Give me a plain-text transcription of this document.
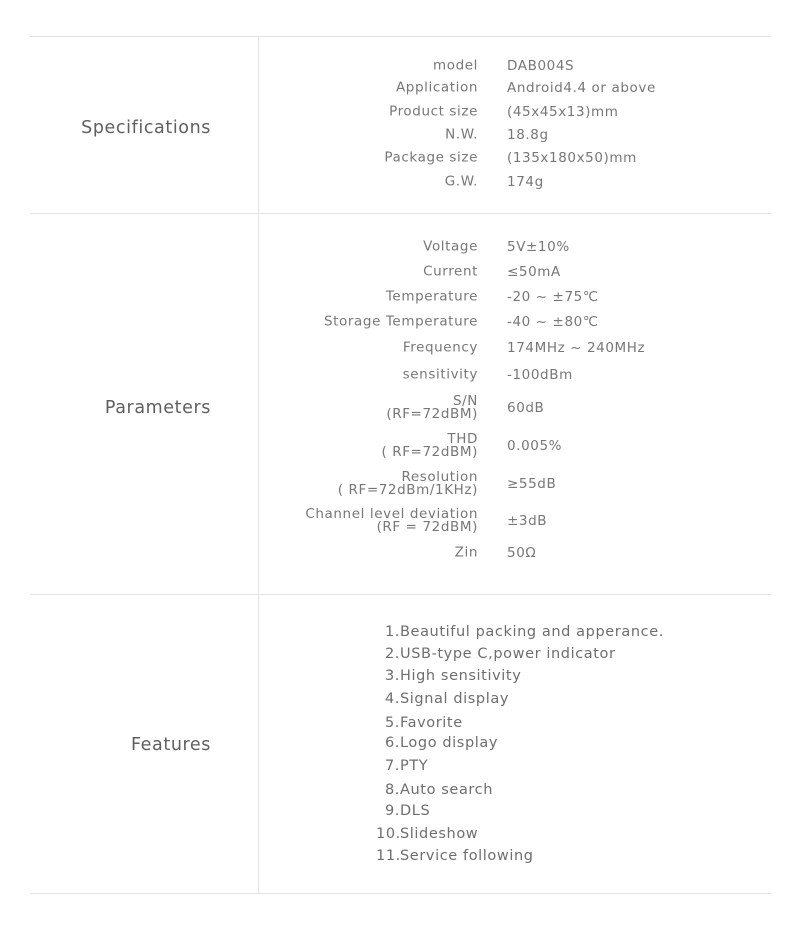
Specifications
model DAB004S
Application Android4.4 or above
Product size (45x45x13)mm
N.W. 18.8g
Package size (135x180x50)mm
G.W. 174g
Parameters
Voltage 5V±10%
Current ≤50mA
Temperature -20 ~ ±75℃
Storage Temperature -40 ~ ±80℃
Frequency 174MHz ~ 240MHz
sensitivity -100dBm
S/N
(RF=72dBM) 60dB
THD
( RF=72dBM) 0.005%
Resolution
( RF=72dBm/1KHz) ≥55dB
Channel level deviation
(RF = 72dBM) ±3dB
Zin 50Ω
Features
1.Beautiful packing and apperance.
2.USB-type C,power indicator
3.High sensitivity
4.Signal display
5.Favorite
6.Logo display
7.PTY
8.Auto search
9.DLS
10.Slideshow
11.Service following
